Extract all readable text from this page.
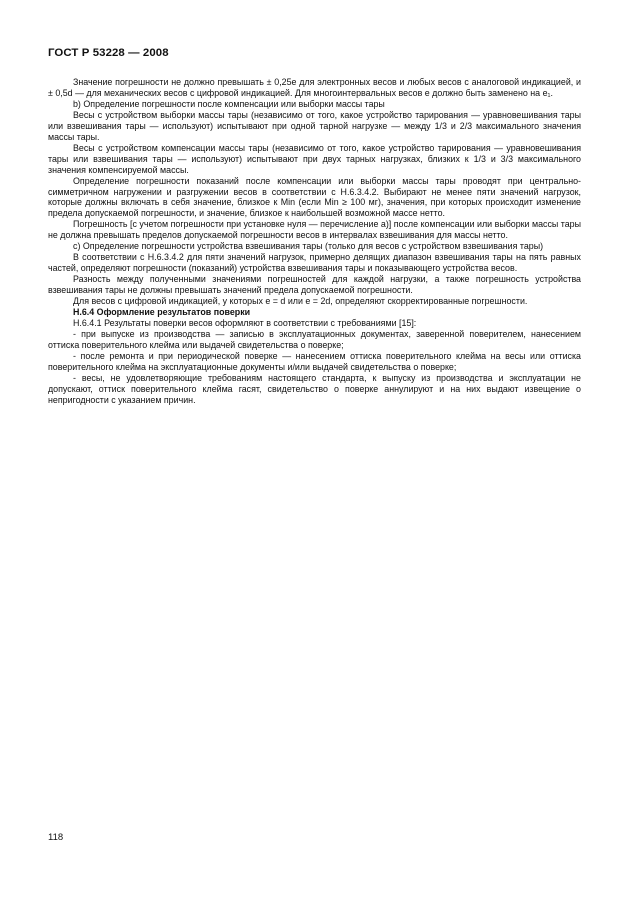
ГОСТ Р 53228 — 2008

Значение погрешности не должно превышать ± 0,25e для электронных весов и любых весов с аналоговой индикацией, и ± 0,5d — для механических весов с цифровой индикацией. Для многоинтервальных весов e должно быть заменено на e₁.

b) Определение погрешности после компенсации или выборки массы тары

Весы с устройством выборки массы тары (независимо от того, какое устройство тарирования — уравновешивания тары или взвешивания тары — используют) испытывают при одной тарной нагрузке — между 1/3 и 2/3 максимального значения массы тары.

Весы с устройством компенсации массы тары (независимо от того, какое устройство тарирования — уравновешивания тары или взвешивания тары — используют) испытывают при двух тарных нагрузках, близких к 1/3 и 3/3 максимального значения компенсируемой массы.

Определение погрешности показаний после компенсации или выборки массы тары проводят при центрально-симметричном нагружении и разгружении весов в соответствии с Н.6.3.4.2. Выбирают не менее пяти значений нагрузок, которые должны включать в себя значение, близкое к Min (если Min ≥ 100 мг), значения, при которых происходит изменение предела допускаемой погрешности, и значение, близкое к наибольшей возможной массе нетто.

Погрешность [с учетом погрешности при установке нуля — перечисление а)] после компенсации или выборки массы тары не должна превышать пределов допускаемой погрешности весов в интервалах взвешивания для массы нетто.

с) Определение погрешности устройства взвешивания тары (только для весов с устройством взвешивания тары)

В соответствии с Н.6.3.4.2 для пяти значений нагрузок, примерно делящих диапазон взвешивания тары на пять равных частей, определяют погрешности (показаний) устройства взвешивания тары и показывающего устройства весов.

Разность между полученными значениями погрешностей для каждой нагрузки, а также погрешность устройства взвешивания тары не должны превышать значений предела допускаемой погрешности.

Для весов с цифровой индикацией, у которых e = d или e = 2d, определяют скорректированные погрешности.

Н.6.4 Оформление результатов поверки

Н.6.4.1 Результаты поверки весов оформляют в соответствии с требованиями [15]:

- при выпуске из производства — записью в эксплуатационных документах, заверенной поверителем, нанесением оттиска поверительного клейма или выдачей свидетельства о поверке;

- после ремонта и при периодической поверке — нанесением оттиска поверительного клейма на весы или оттиска поверительного клейма на эксплуатационные документы и/или выдачей свидетельства о поверке;

- весы, не удовлетворяющие требованиям настоящего стандарта, к выпуску из производства и эксплуатации не допускают, оттиск поверительного клейма гасят, свидетельство о поверке аннулируют и на них выдают извещение о непригодности с указанием причин.

118
